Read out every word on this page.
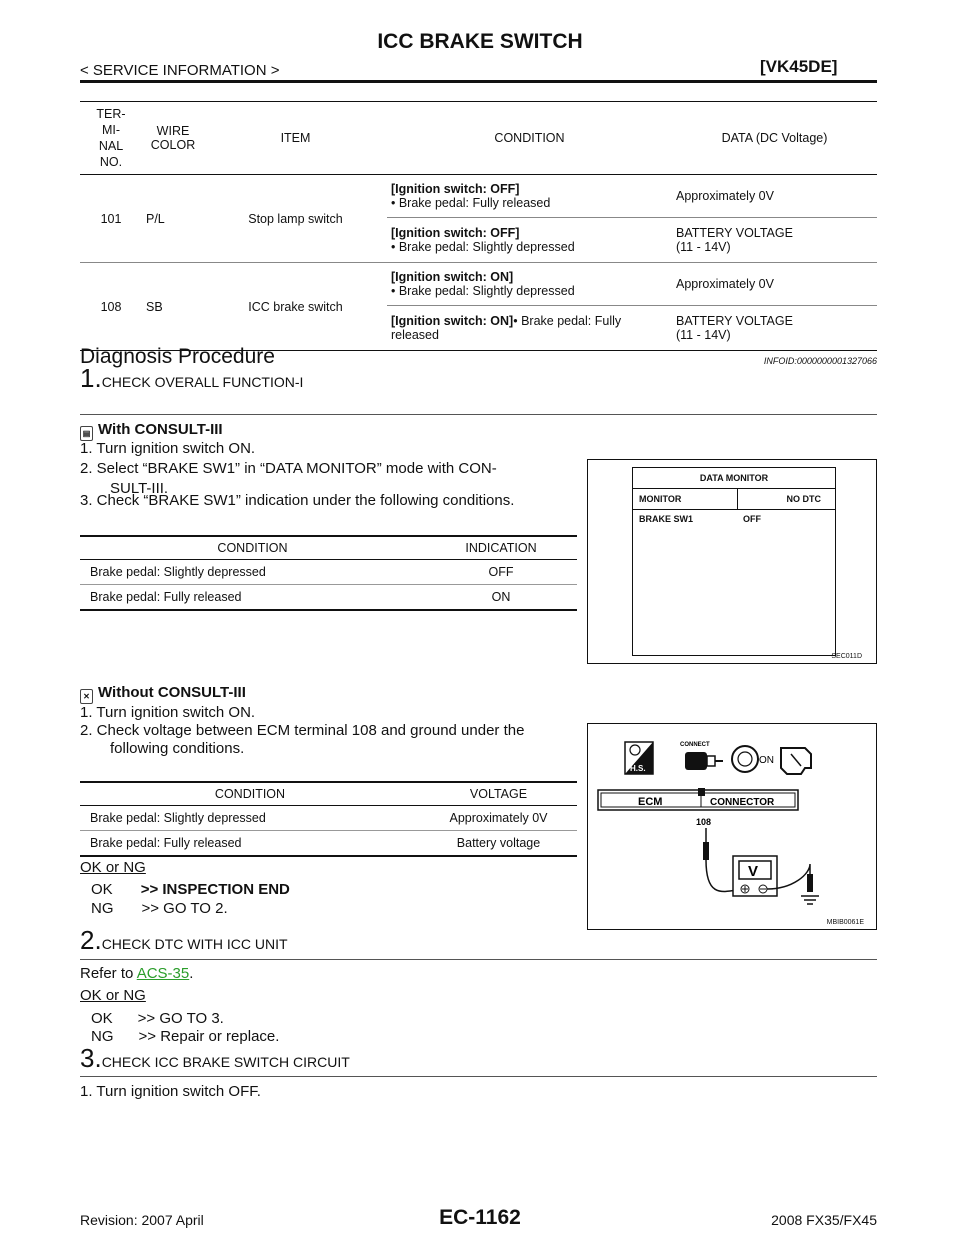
ICC BRAKE SWITCH
< SERVICE INFORMATION >	[VK45DE]
TER-
MI-
NAL
NO.	WIRE
COLOR	ITEM	CONDITION	DATA (DC Voltage)
101	P/L	Stop lamp switch	[Ignition switch: OFF]
• Brake pedal: Fully released	Approximately 0V

			[Ignition switch: OFF]
• Brake pedal: Slightly depressed	BATTERY VOLTAGE
(11 - 14V)
108	SB	ICC brake switch	[Ignition switch: ON]
• Brake pedal: Slightly depressed	Approximately 0V
			[Ignition switch: ON]• Brake pedal: Fully released	BATTERY VOLTAGE
(11 - 14V)
Diagnosis Procedure	INFOID:0000000001327066
1.CHECK OVERALL FUNCTION-I
▤ With CONSULT-III
1. Turn ignition switch ON.
2. Select “BRAKE SW1” in “DATA MONITOR” mode with CON-
SULT-III.
3. Check “BRAKE SW1” indication under the following conditions.
CONDITION	INDICATION
Brake pedal: Slightly depressed	OFF
Brake pedal: Fully released	ON
DATA MONITOR
MONITOR	NO DTC
BRAKE SW1	OFF
SEC011D
✕ Without CONSULT-III
1. Turn ignition switch ON.
2. Check voltage between ECM terminal 108 and ground under the
following conditions.
CONDITION	VOLTAGE
Brake pedal: Slightly depressed	Approximately 0V
Brake pedal: Fully released	Battery voltage
OK or NG
OK >> INSPECTION END
NG >> GO TO 2.
H.S.
CONNECT
ON
ECM	CONNECTOR
108
V
MBIB0061E
2.CHECK DTC WITH ICC UNIT
Refer to ACS-35.
OK or NG
OK      >> GO TO 3.
NG      >> Repair or replace.
3.CHECK ICC BRAKE SWITCH CIRCUIT
1. Turn ignition switch OFF.
Revision: 2007 April	EC-1162	2008 FX35/FX45
